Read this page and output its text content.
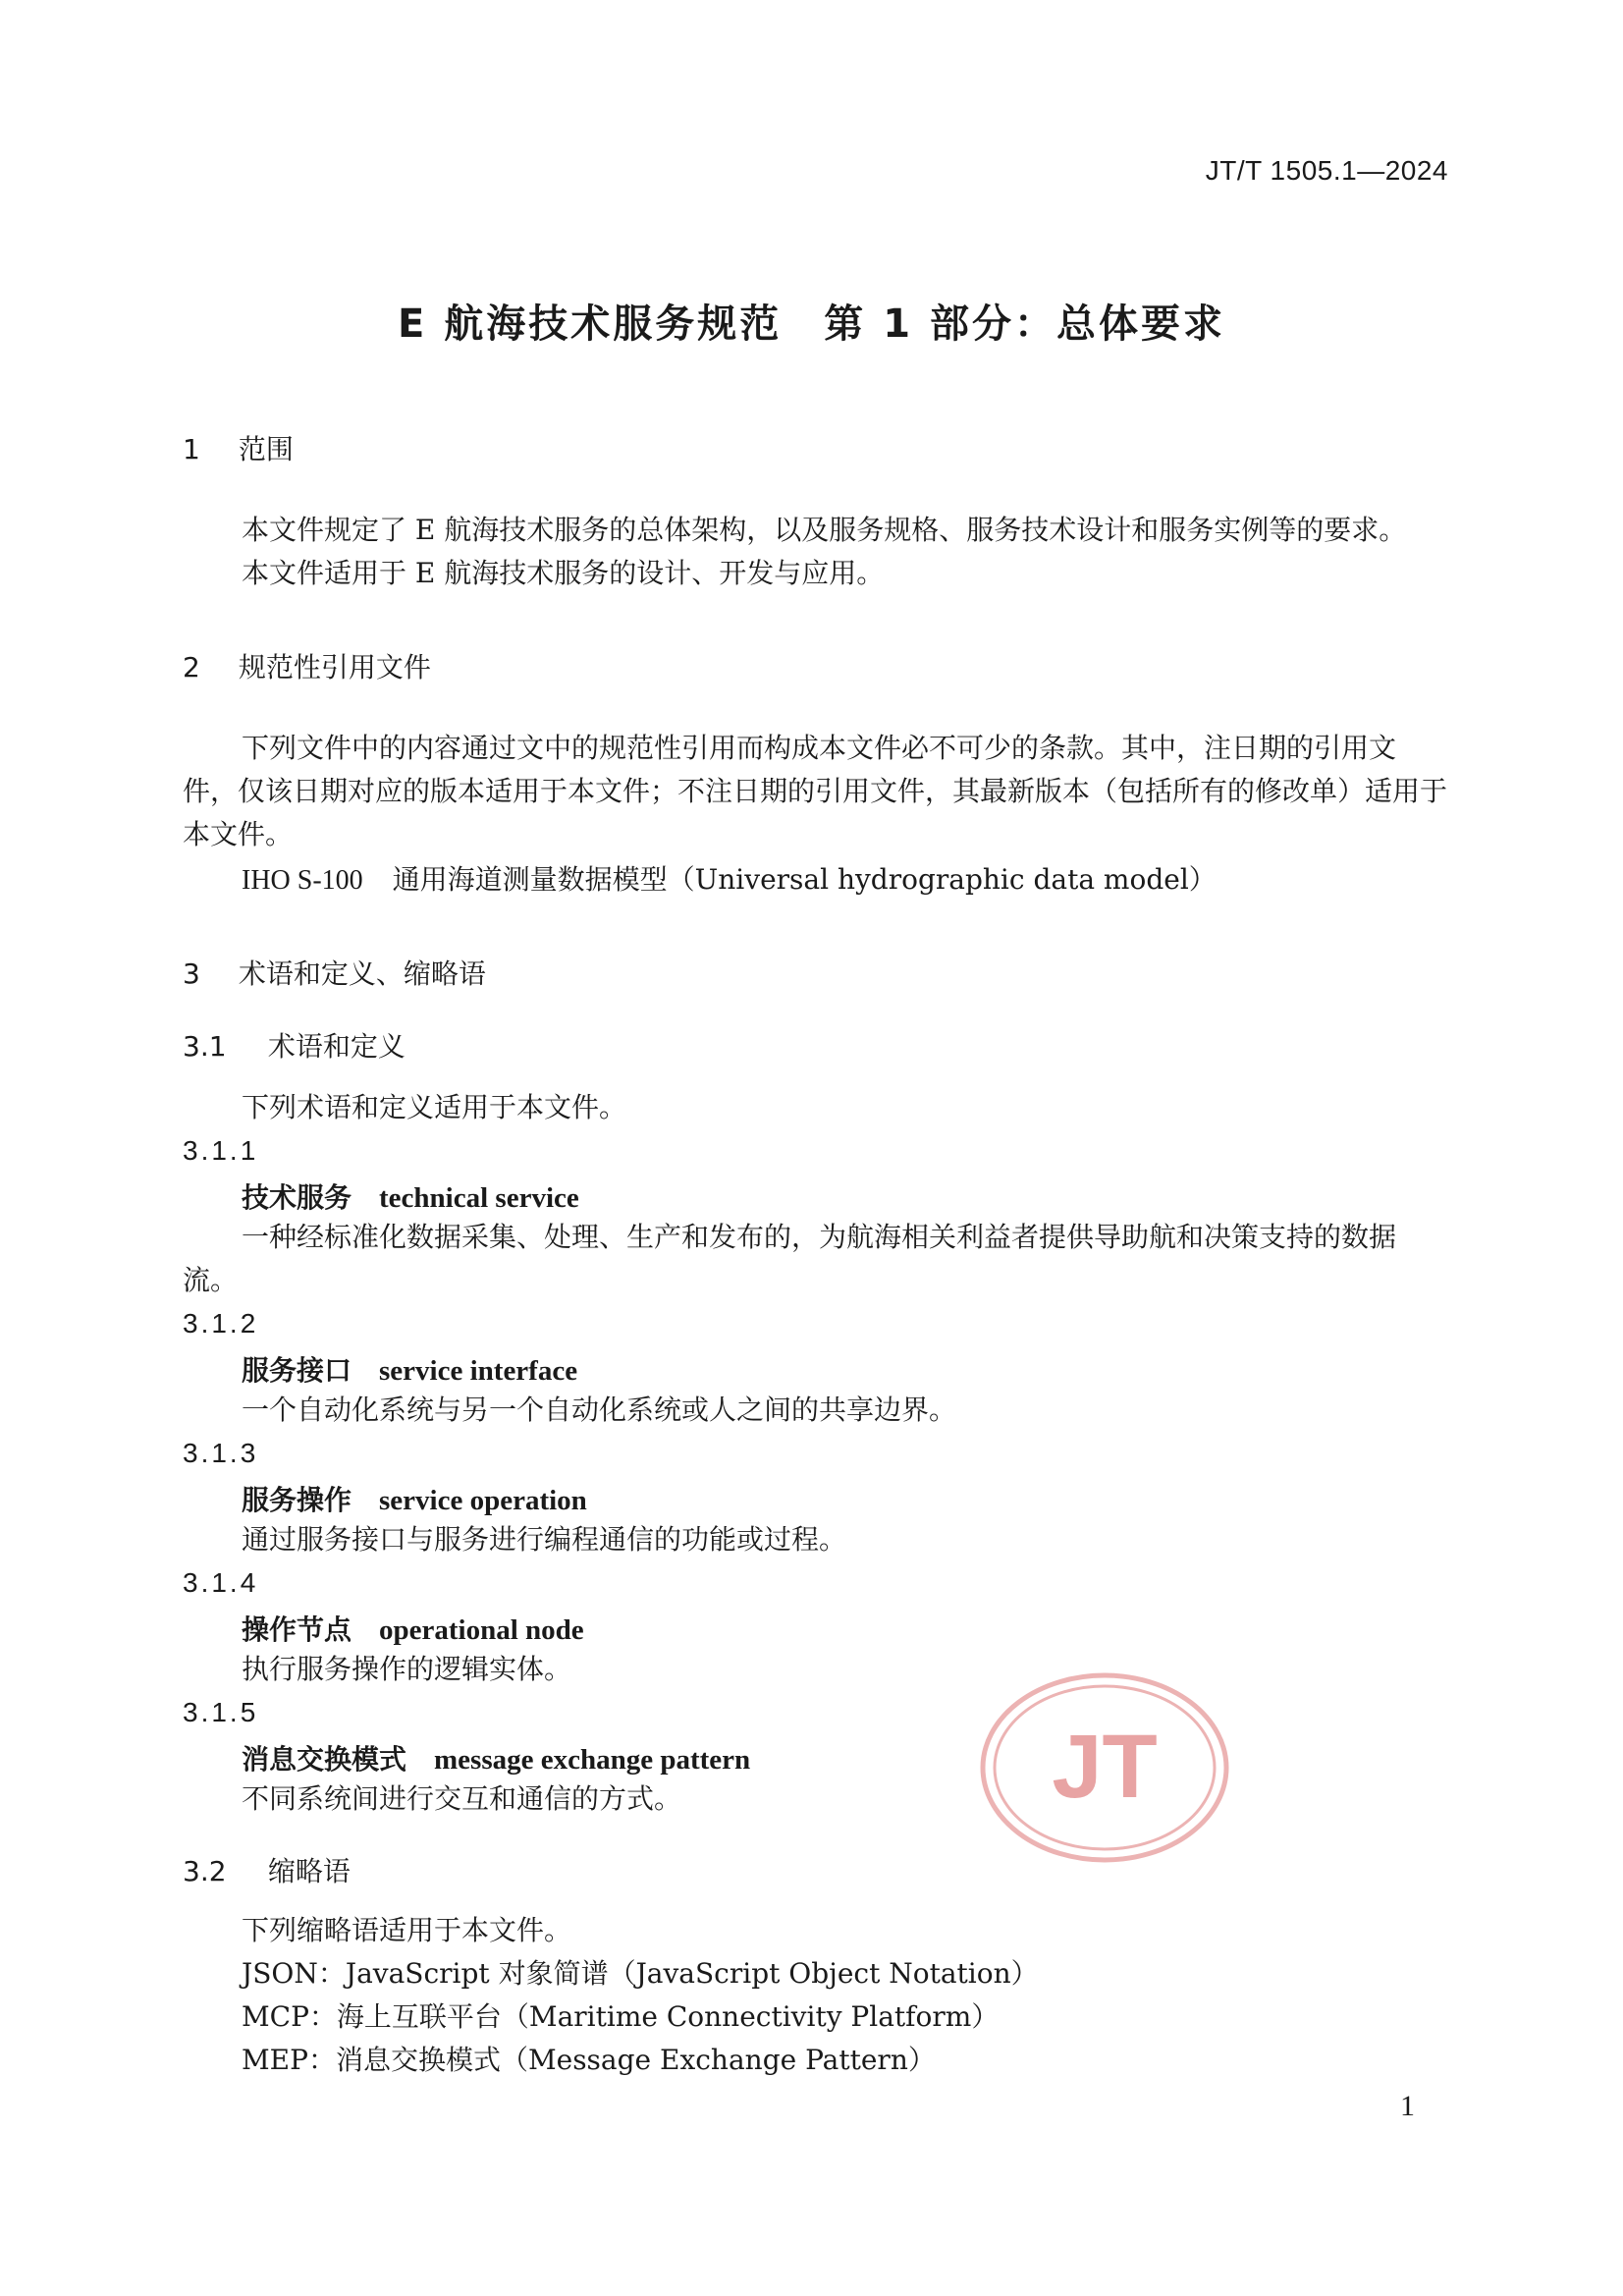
JT/T 1505.1—2024
E 航海技术服务规范　第 1 部分：总体要求
1 范围

本文件规定了 E 航海技术服务的总体架构，以及服务规格、服务技术设计和服务实例等的要求。

本文件适用于 E 航海技术服务的设计、开发与应用。

2 规范性引用文件

下列文件中的内容通过文中的规范性引用而构成本文件必不可少的条款。其中，注日期的引用文件，仅该日期对应的版本适用于本文件；不注日期的引用文件，其最新版本（包括所有的修改单）适用于本文件。

IHO S-100 通用海道测量数据模型（Universal hydrographic data model）

3 术语和定义、缩略语
3.1 术语和定义

下列术语和定义适用于本文件。

3.1.1
技术服务 technical service

一种经标准化数据采集、处理、生产和发布的，为航海相关利益者提供导助航和决策支持的数据流。

3.1.2
服务接口 service interface

一个自动化系统与另一个自动化系统或人之间的共享边界。

3.1.3
服务操作 service operation

通过服务接口与服务进行编程通信的功能或过程。

3.1.4
操作节点 operational node

执行服务操作的逻辑实体。

3.1.5
消息交换模式 message exchange pattern

不同系统间进行交互和通信的方式。

3.2 缩略语

下列缩略语适用于本文件。

JSON：JavaScript 对象简谱（JavaScript Object Notation）

MCP：海上互联平台（Maritime Connectivity Platform）

MEP：消息交换模式（Message Exchange Pattern）

JT
1
